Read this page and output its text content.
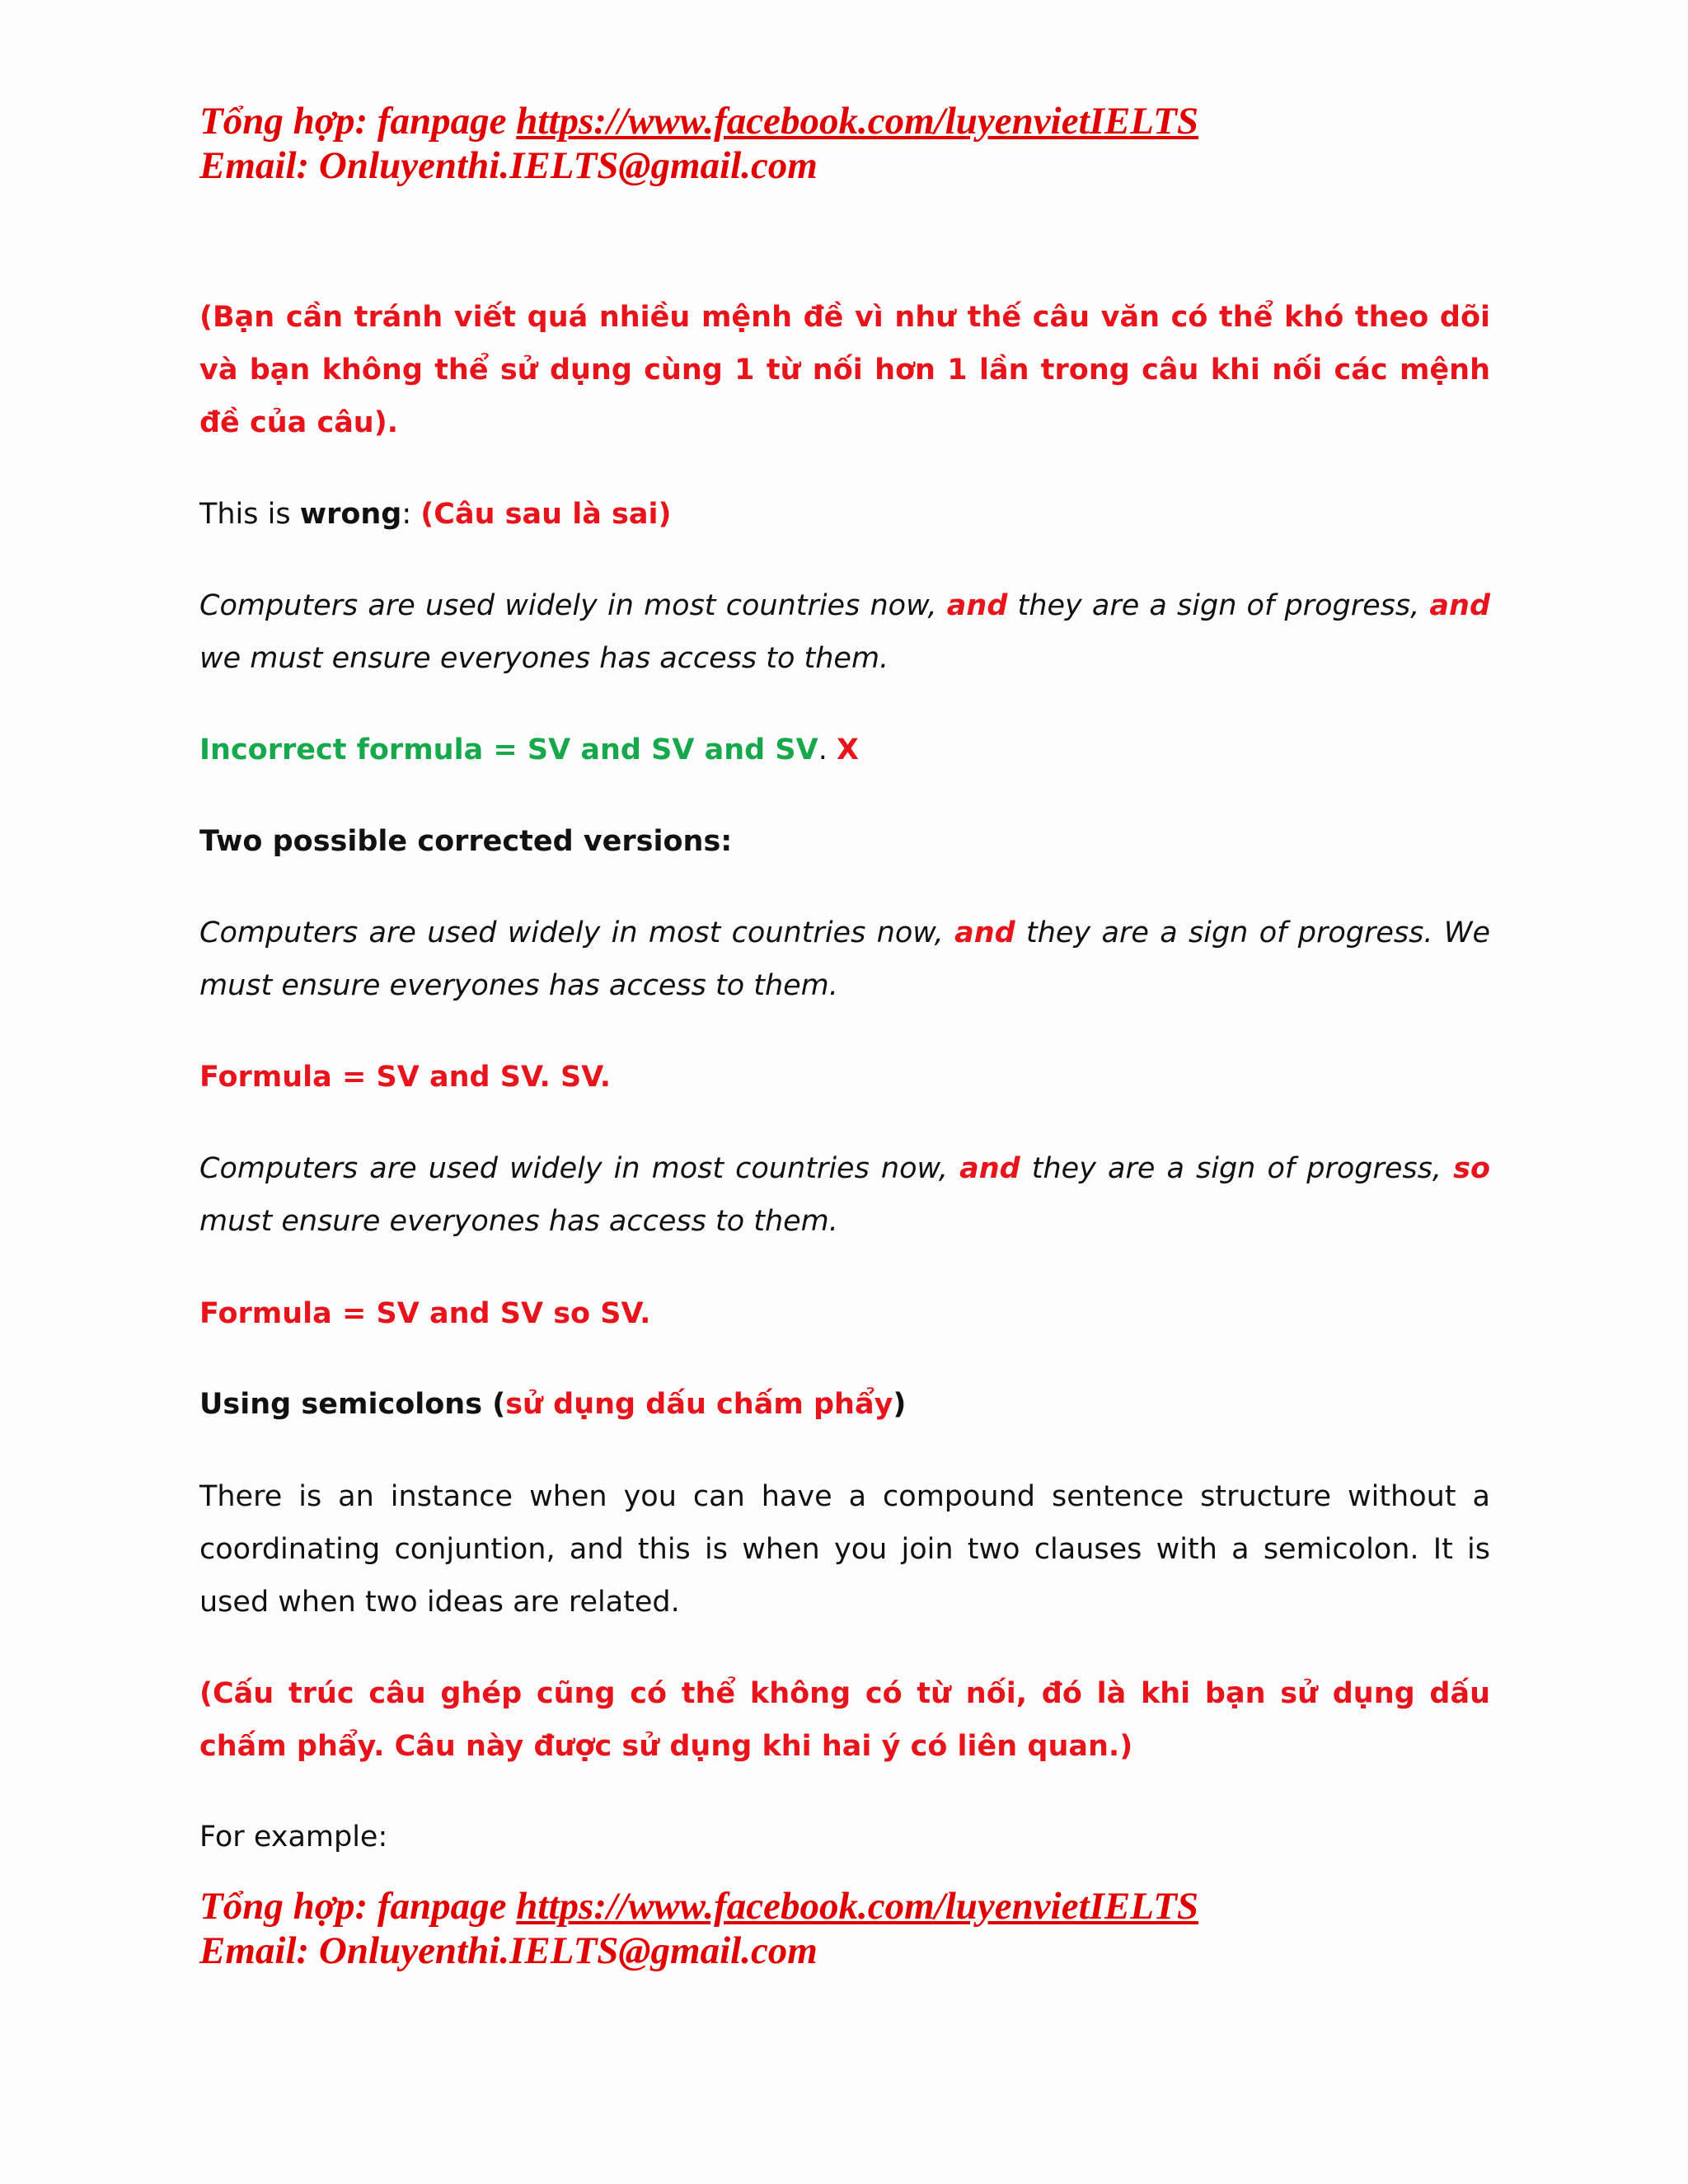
Tổng hợp: fanpage https://www.facebook.com/luyenvietIELTS

Email: Onluyenthi.IELTS@gmail.com

(Bạn cần tránh viết quá nhiều mệnh đề vì như thế câu văn có thể khó theo dõi và bạn không thể sử dụng cùng 1 từ nối hơn 1 lần trong câu khi nối các mệnh đề của câu).

This is wrong: (Câu sau là sai)

Computers are used widely in most countries now, and they are a sign of progress, and we must ensure everyones has access to them.

Incorrect formula = SV and SV and SV. X

Two possible corrected versions:

Computers are used widely in most countries now, and they are a sign of progress. We must ensure everyones has access to them.

Formula = SV and SV. SV.

Computers are used widely in most countries now, and they are a sign of progress, so must ensure everyones has access to them.

Formula = SV and SV so SV.

Using semicolons (sử dụng dấu chấm phẩy)

There is an instance when you can have a compound sentence structure without a coordinating conjuntion, and this is when you join two clauses with a semicolon. It is used when two ideas are related.

(Cấu trúc câu ghép cũng có thể không có từ nối, đó là khi bạn sử dụng dấu chấm phẩy. Câu này được sử dụng khi hai ý có liên quan.)

For example:

Tổng hợp: fanpage https://www.facebook.com/luyenvietIELTS

Email: Onluyenthi.IELTS@gmail.com
